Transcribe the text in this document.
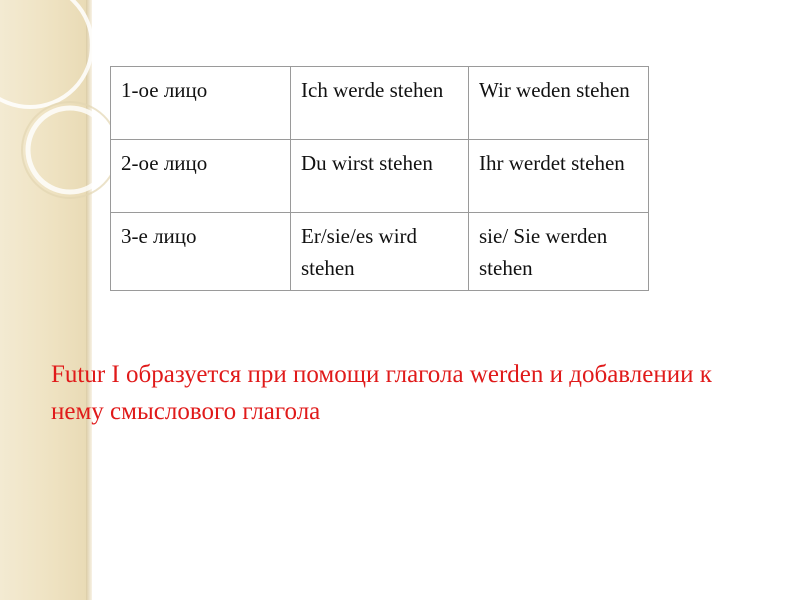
1-ое лицо	Ich werde stehen	Wir weden stehen
2-ое лицо	Du wirst stehen	Ihr werdet stehen
3-е лицо	Er/sie/es wird stehen	sie/ Sie werden stehen
Futur I образуется при помощи глагола werden и добавлении к нему смыслового глагола
